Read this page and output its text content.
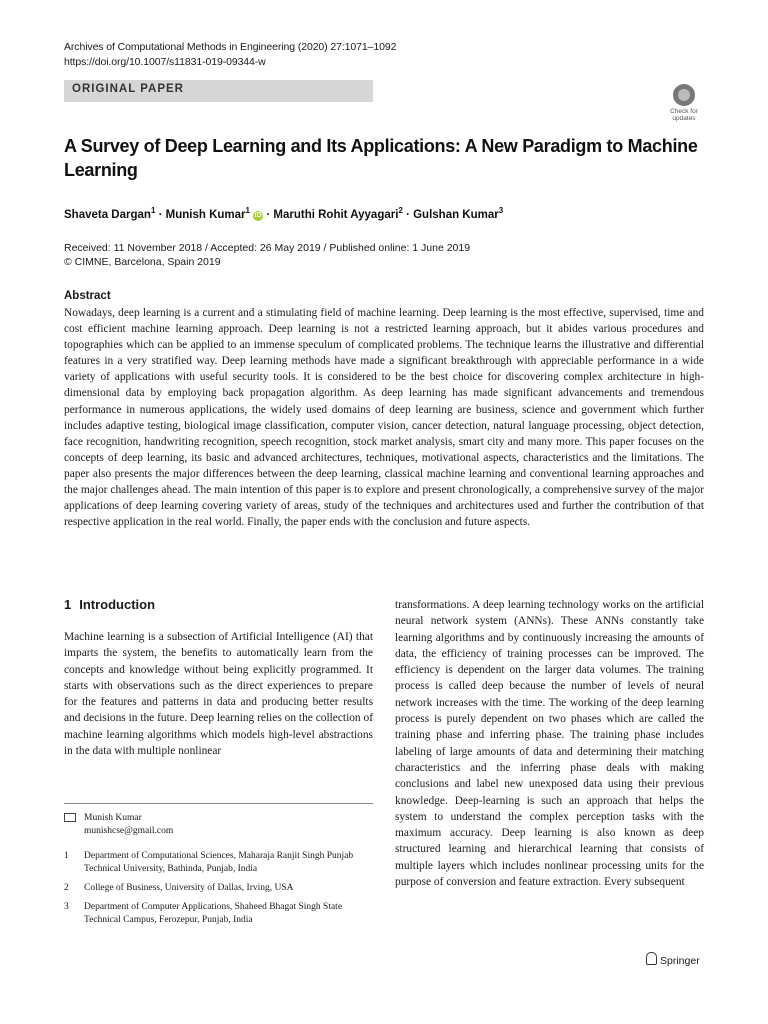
Archives of Computational Methods in Engineering (2020) 27:1071–1092
https://doi.org/10.1007/s11831-019-09344-w
ORIGINAL PAPER
Check for
updates
A Survey of Deep Learning and Its Applications: A New Paradigm to Machine Learning
Shaveta Dargan$^1$ · Munish Kumar$^1$ iD · Maruthi Rohit Ayyagari$^2$ · Gulshan Kumar$^3$
Received: 11 November 2018 / Accepted: 26 May 2019 / Published online: 1 June 2019
© CIMNE, Barcelona, Spain 2019
Abstract
Nowadays, deep learning is a current and a stimulating field of machine learning. Deep learning is the most effective, supervised, time and cost efficient machine learning approach. Deep learning is not a restricted learning approach, but it abides various procedures and topographies which can be applied to an immense speculum of complicated problems. The technique learns the illustrative and differential features in a very stratified way. Deep learning methods have made a significant breakthrough with appreciable performance in a wide variety of applications with useful security tools. It is considered to be the best choice for discovering complex architecture in high-dimensional data by employing back propagation algorithm. As deep learning has made significant advancements and tremendous performance in numerous applications, the widely used domains of deep learning are business, science and government which further includes adaptive testing, biological image classification, computer vision, cancer detection, natural language processing, object detection, face recognition, handwriting recognition, speech recognition, stock market analysis, smart city and many more. This paper focuses on the concepts of deep learning, its basic and advanced architectures, techniques, motivational aspects, characteristics and the limitations. The paper also presents the major differences between the deep learning, classical machine learning and conventional learning approaches and the major challenges ahead. The main intention of this paper is to explore and present chronologically, a comprehensive survey of the major applications of deep learning covering variety of areas, study of the techniques and architectures used and further the contribution of that respective application in the real world. Finally, the paper ends with the conclusion and future aspects.
1 Introduction
Machine learning is a subsection of Artificial Intelligence (AI) that imparts the system, the benefits to automatically learn from the concepts and knowledge without being explicitly programmed. It starts with observations such as the direct experiences to prepare for the features and patterns in data and producing better results and decisions in the future. Deep learning relies on the collection of machine learning algorithms which models high-level abstractions in the data with multiple nonlinear
transformations. A deep learning technology works on the artificial neural network system (ANNs). These ANNs constantly take learning algorithms and by continuously increasing the amounts of data, the efficiency of training processes can be improved. The efficiency is dependent on the larger data volumes. The training process is called deep because the number of levels of neural network increases with the time. The working of the deep learning process is purely dependent on two phases which are called the training phase and inferring phase. The training phase includes labeling of large amounts of data and determining their matching characteristics and the inferring phase deals with making conclusions and label new unexposed data using their previous knowledge. Deep-learning is such an approach that helps the system to understand the complex perception tasks with the maximum accuracy. Deep learning is also known as deep structured learning and hierarchical learning that consists of multiple layers which includes nonlinear processing units for the purpose of conversion and feature extraction. Every subsequent
Munish Kumar
munishcse@gmail.com
1 Department of Computational Sciences, Maharaja Ranjit Singh Punjab Technical University, Bathinda, Punjab, India
2 College of Business, University of Dallas, Irving, USA
3 Department of Computer Applications, Shaheed Bhagat Singh State Technical Campus, Ferozepur, Punjab, India
Springer
